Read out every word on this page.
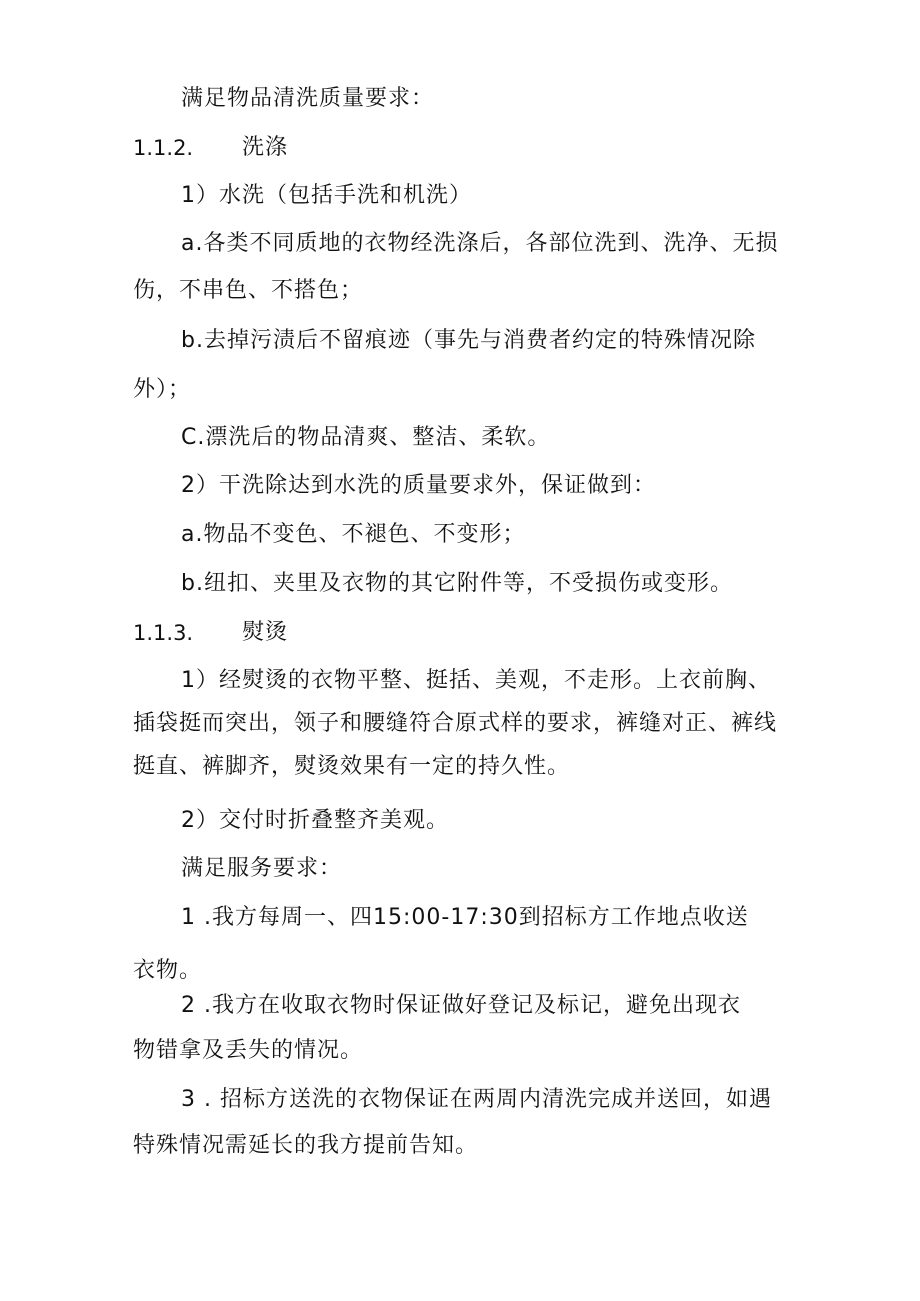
满足物品清洗质量要求：
1.1.2. 洗涤
1）水洗（包括手洗和机洗）
a.各类不同质地的衣物经洗涤后，各部位洗到、洗净、无损
伤，不串色、不搭色；
b.去掉污渍后不留痕迹（事先与消费者约定的特殊情况除
外）；
C.漂洗后的物品清爽、整洁、柔软。
2）干洗除达到水洗的质量要求外，保证做到：
a.物品不变色、不褪色、不变形；
b.纽扣、夹里及衣物的其它附件等，不受损伤或变形。
1.1.3. 熨烫
1）经熨烫的衣物平整、挺括、美观，不走形。上衣前胸、
插袋挺而突出，领子和腰缝符合原式样的要求，裤缝对正、裤线
挺直、裤脚齐，熨烫效果有一定的持久性。
2）交付时折叠整齐美观。
满足服务要求：
1 .我方每周一、四15:00-17:30到招标方工作地点收送
衣物。
2 .我方在收取衣物时保证做好登记及标记，避免出现衣
物错拿及丢失的情况。
3 . 招标方送洗的衣物保证在两周内清洗完成并送回，如遇
特殊情况需延长的我方提前告知。
